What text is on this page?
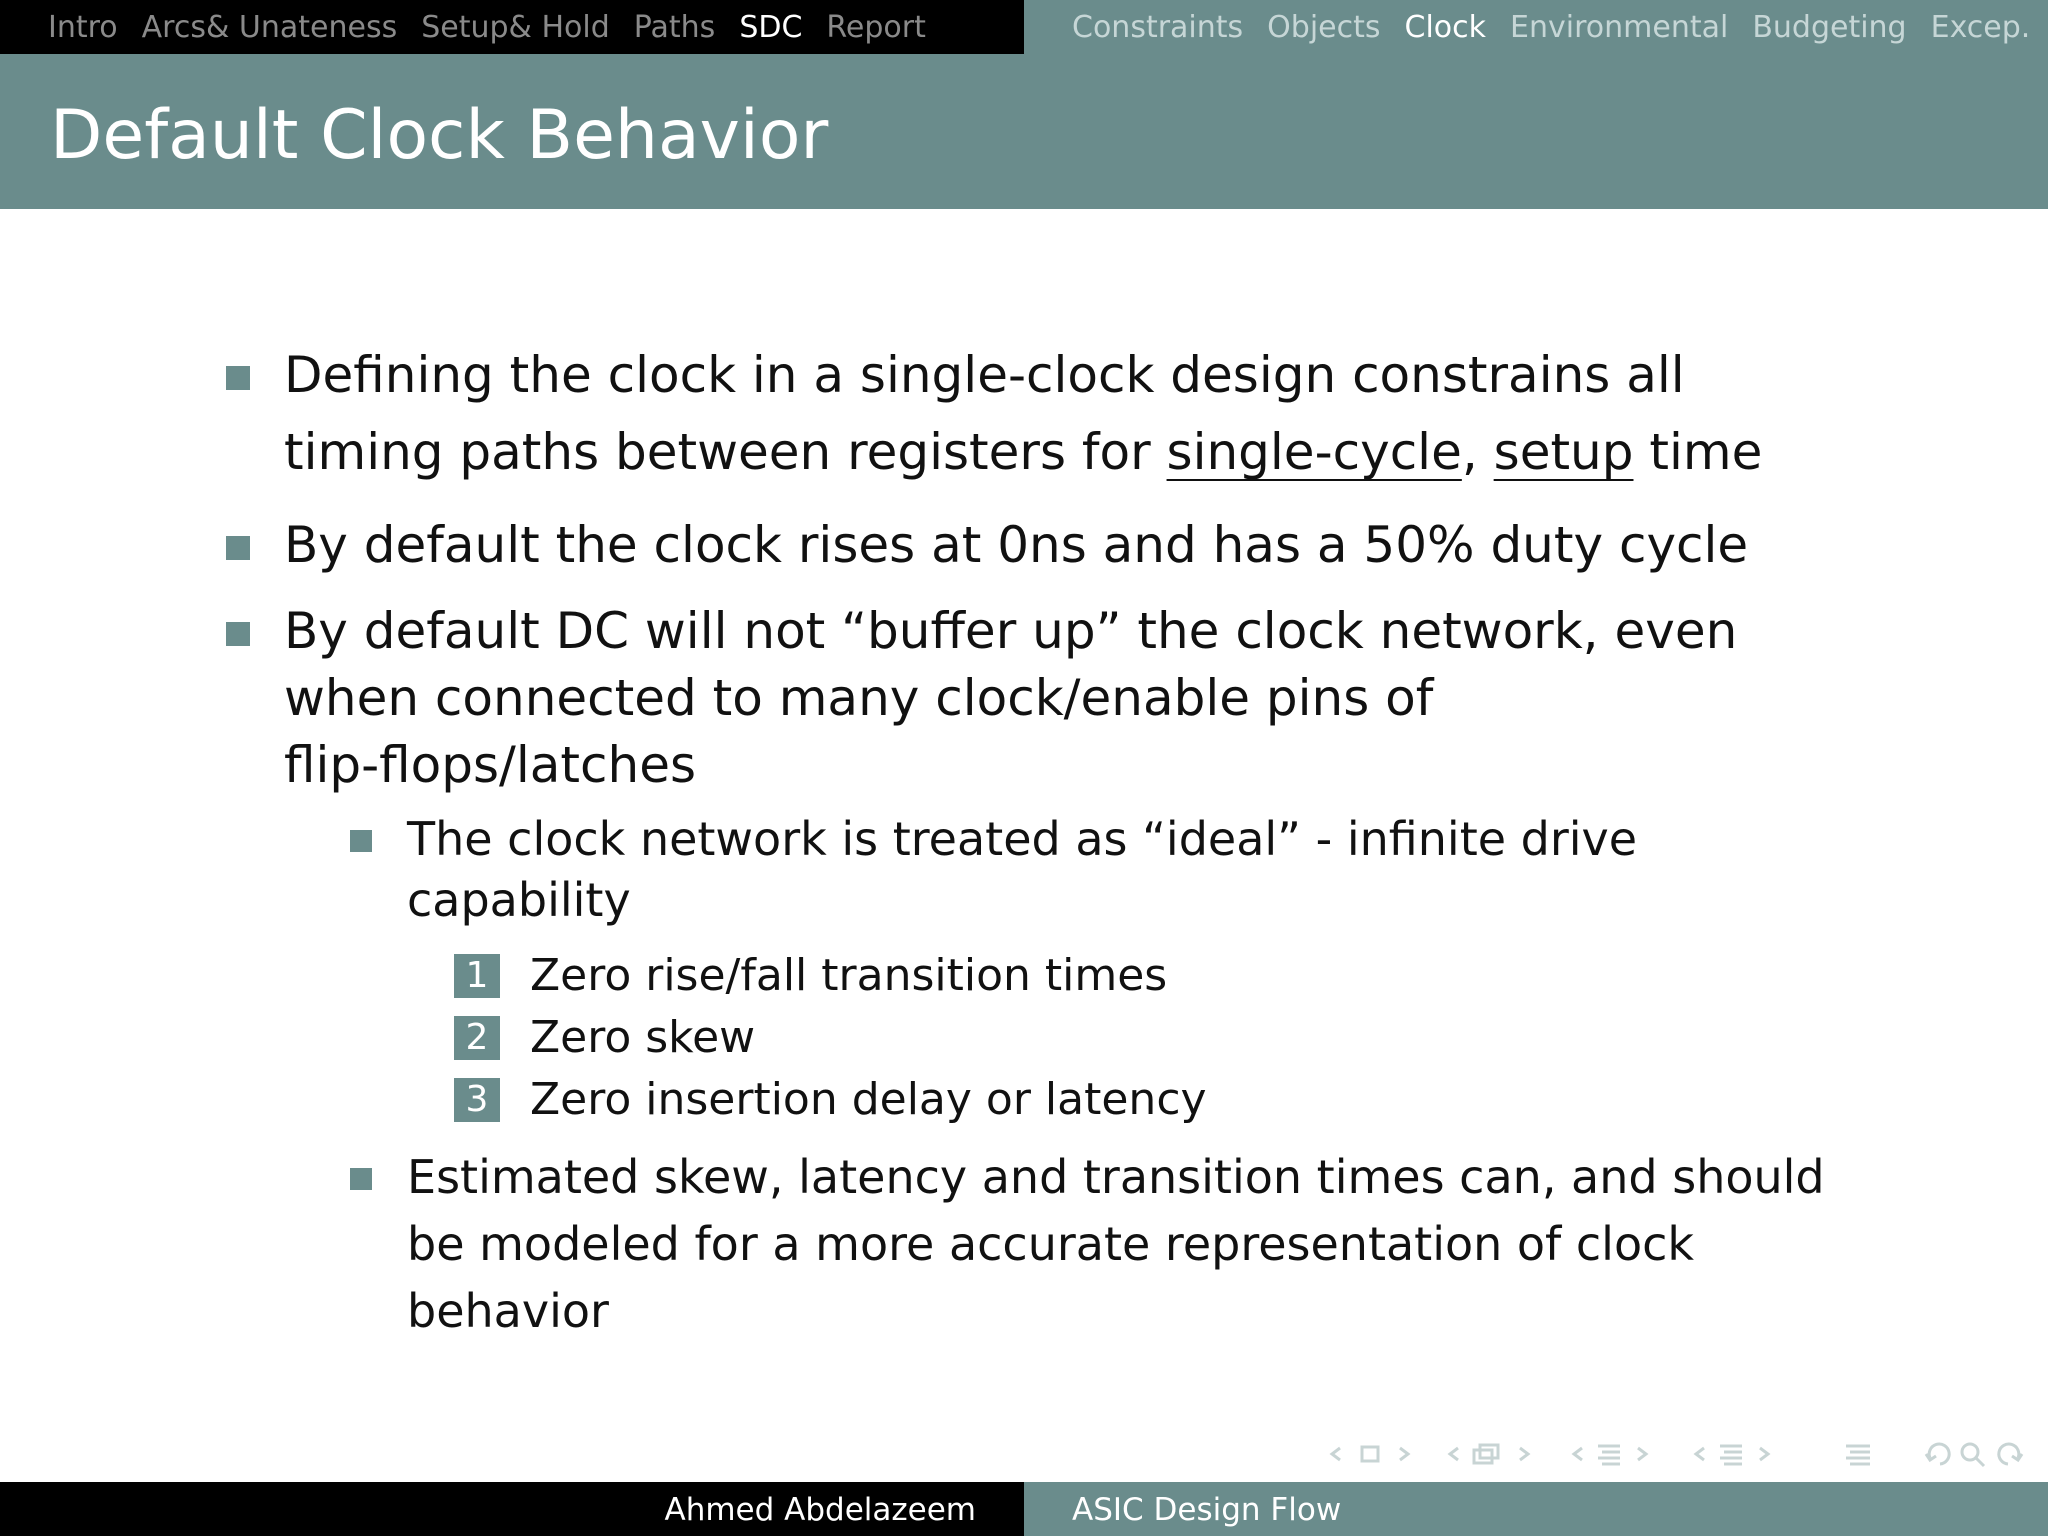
Intro Arcs& Unateness Setup& Hold Paths SDC Report	Constraints Objects Clock Environmental Budgeting Excep.
Default Clock Behavior
Defining the clock in a single-clock design constrains all
timing paths between registers for single-cycle, setup time
By default the clock rises at 0ns and has a 50% duty cycle
By default DC will not “buffer up” the clock network, even
when connected to many clock/enable pins of
flip-flops/latches
The clock network is treated as “ideal” - infinite drive
capability
1 Zero rise/fall transition times
2 Zero skew
3 Zero insertion delay or latency
Estimated skew, latency and transition times can, and should
be modeled for a more accurate representation of clock
behavior
Ahmed Abdelazeem	ASIC Design Flow
